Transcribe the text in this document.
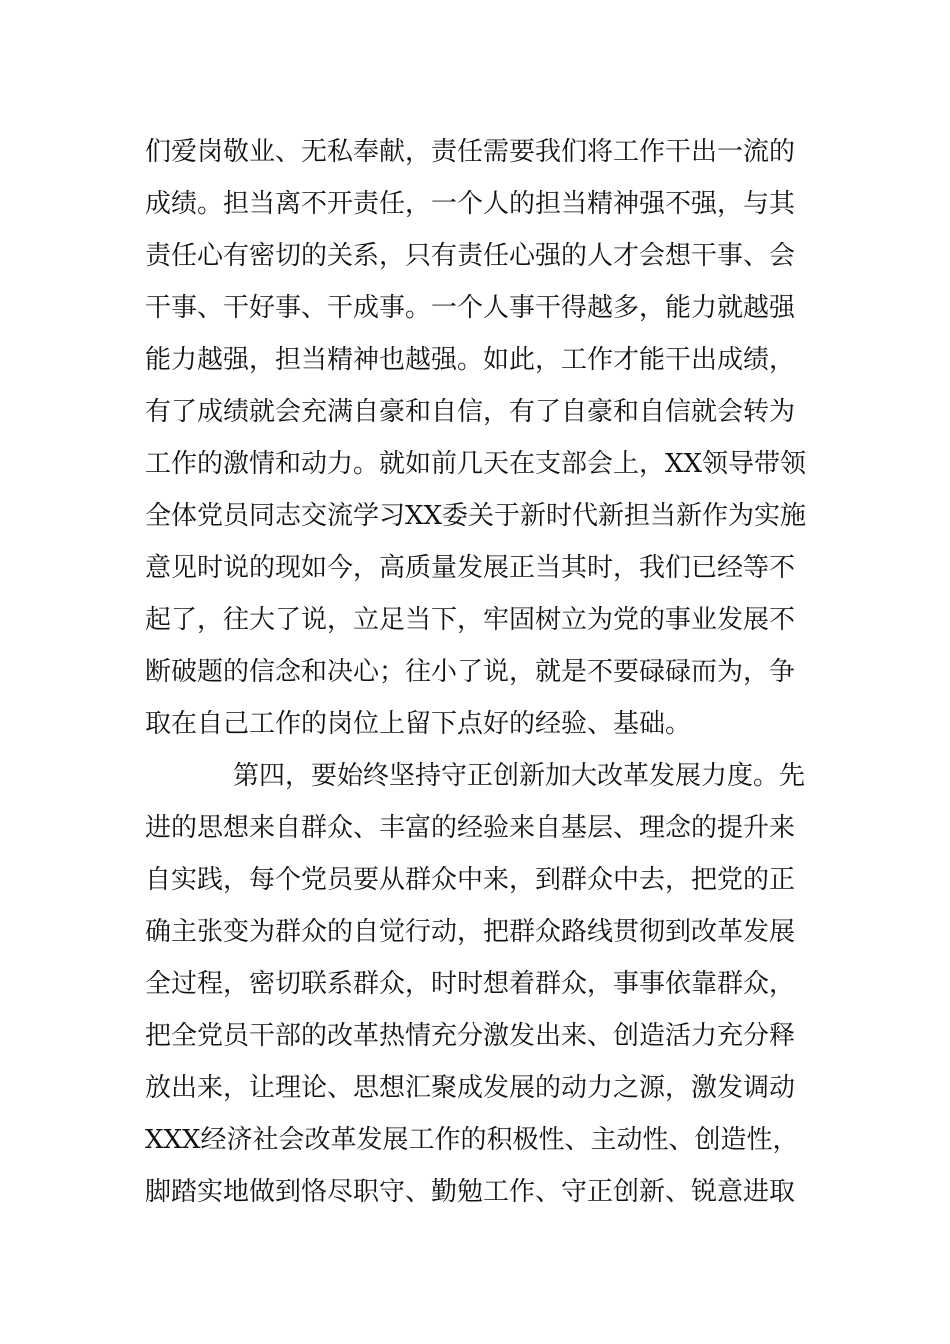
们爱岗敬业、无私奉献，责任需要我们将工作干出一流的
成绩。担当离不开责任，一个人的担当精神强不强，与其
责任心有密切的关系，只有责任心强的人才会想干事、会
干事、干好事、干成事。一个人事干得越多，能力就越强
能力越强，担当精神也越强。如此，工作才能干出成绩，
有了成绩就会充满自豪和自信，有了自豪和自信就会转为
工作的激情和动力。就如前几天在支部会上，XX领导带领
全体党员同志交流学习XX委关于新时代新担当新作为实施
意见时说的现如今，高质量发展正当其时，我们已经等不
起了，往大了说，立足当下，牢固树立为党的事业发展不
断破题的信念和决心；往小了说，就是不要碌碌而为，争
取在自己工作的岗位上留下点好的经验、基础。
第四，要始终坚持守正创新加大改革发展力度。先
进的思想来自群众、丰富的经验来自基层、理念的提升来
自实践，每个党员要从群众中来，到群众中去，把党的正
确主张变为群众的自觉行动，把群众路线贯彻到改革发展
全过程，密切联系群众，时时想着群众，事事依靠群众，
把全党员干部的改革热情充分激发出来、创造活力充分释
放出来，让理论、思想汇聚成发展的动力之源，激发调动
XXX经济社会改革发展工作的积极性、主动性、创造性，
脚踏实地做到恪尽职守、勤勉工作、守正创新、锐意进取
